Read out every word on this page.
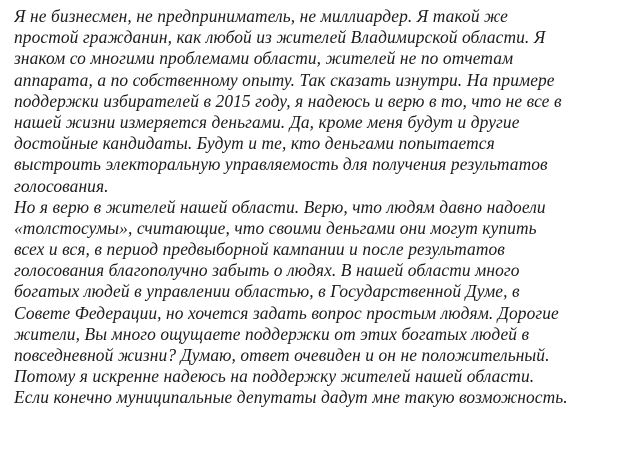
Я не бизнесмен, не предприниматель, не миллиардер. Я такой же
простой гражданин, как любой из жителей Владимирской области. Я
знаком со многими проблемами области, жителей не по отчетам
аппарата, а по собственному опыту. Так сказать изнутри. На примере
поддержки избирателей в 2015 году, я надеюсь и верю в то, что не все в
нашей жизни измеряется деньгами. Да, кроме меня будут и другие
достойные кандидаты. Будут и те, кто деньгами попытается
выстроить электоральную управляемость для получения результатов
голосования.
Но я верю в жителей нашей области. Верю, что людям давно надоели
«толстосумы», считающие, что своими деньгами они могут купить
всех и вся, в период предвыборной кампании и после результатов
голосования благополучно забыть о людях. В нашей области много
богатых людей в управлении областью, в Государственной Думе, в
Совете Федерации, но хочется задать вопрос простым людям. Дорогие
жители, Вы много ощущаете поддержки от этих богатых людей в
повседневной жизни? Думаю, ответ очевиден и он не положительный.
Потому я искренне надеюсь на поддержку жителей нашей области.
Если конечно муниципальные депутаты дадут мне такую возможность.
